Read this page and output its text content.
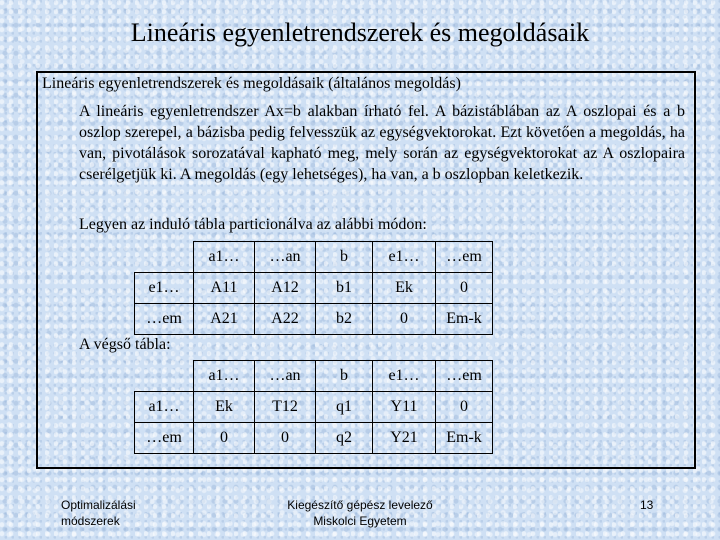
Lineáris egyenletrendszerek és megoldásaik
Lineáris egyenletrendszerek és megoldásaik (általános megoldás)
A lineáris egyenletrendszer Ax=b alakban írható fel. A bázistáblában az A oszlopai és a b oszlop szerepel, a bázisba pedig felvesszük az egységvektorokat. Ezt követően a megoldás, ha van, pivotálások sorozatával kapható meg, mely során az egységvektorokat az A oszlopaira cserélgetjük ki. A megoldás (egy lehetséges), ha van, a b oszlopban keletkezik.
Legyen az induló tábla particionálva az alábbi módon:
	a1…	…an	b	e1…	…em
e1…	A11	A12	b1	Ek	0
…em	A21	A22	b2	0	Em-k
A végső tábla:
	a1…	…an	b	e1…	…em
a1…	Ek	T12	q1	Y11	0
…em	0	0	q2	Y21	Em-k
Optimalizálási
módszerek
Kiegészítő gépész levelező
Miskolci Egyetem
13
